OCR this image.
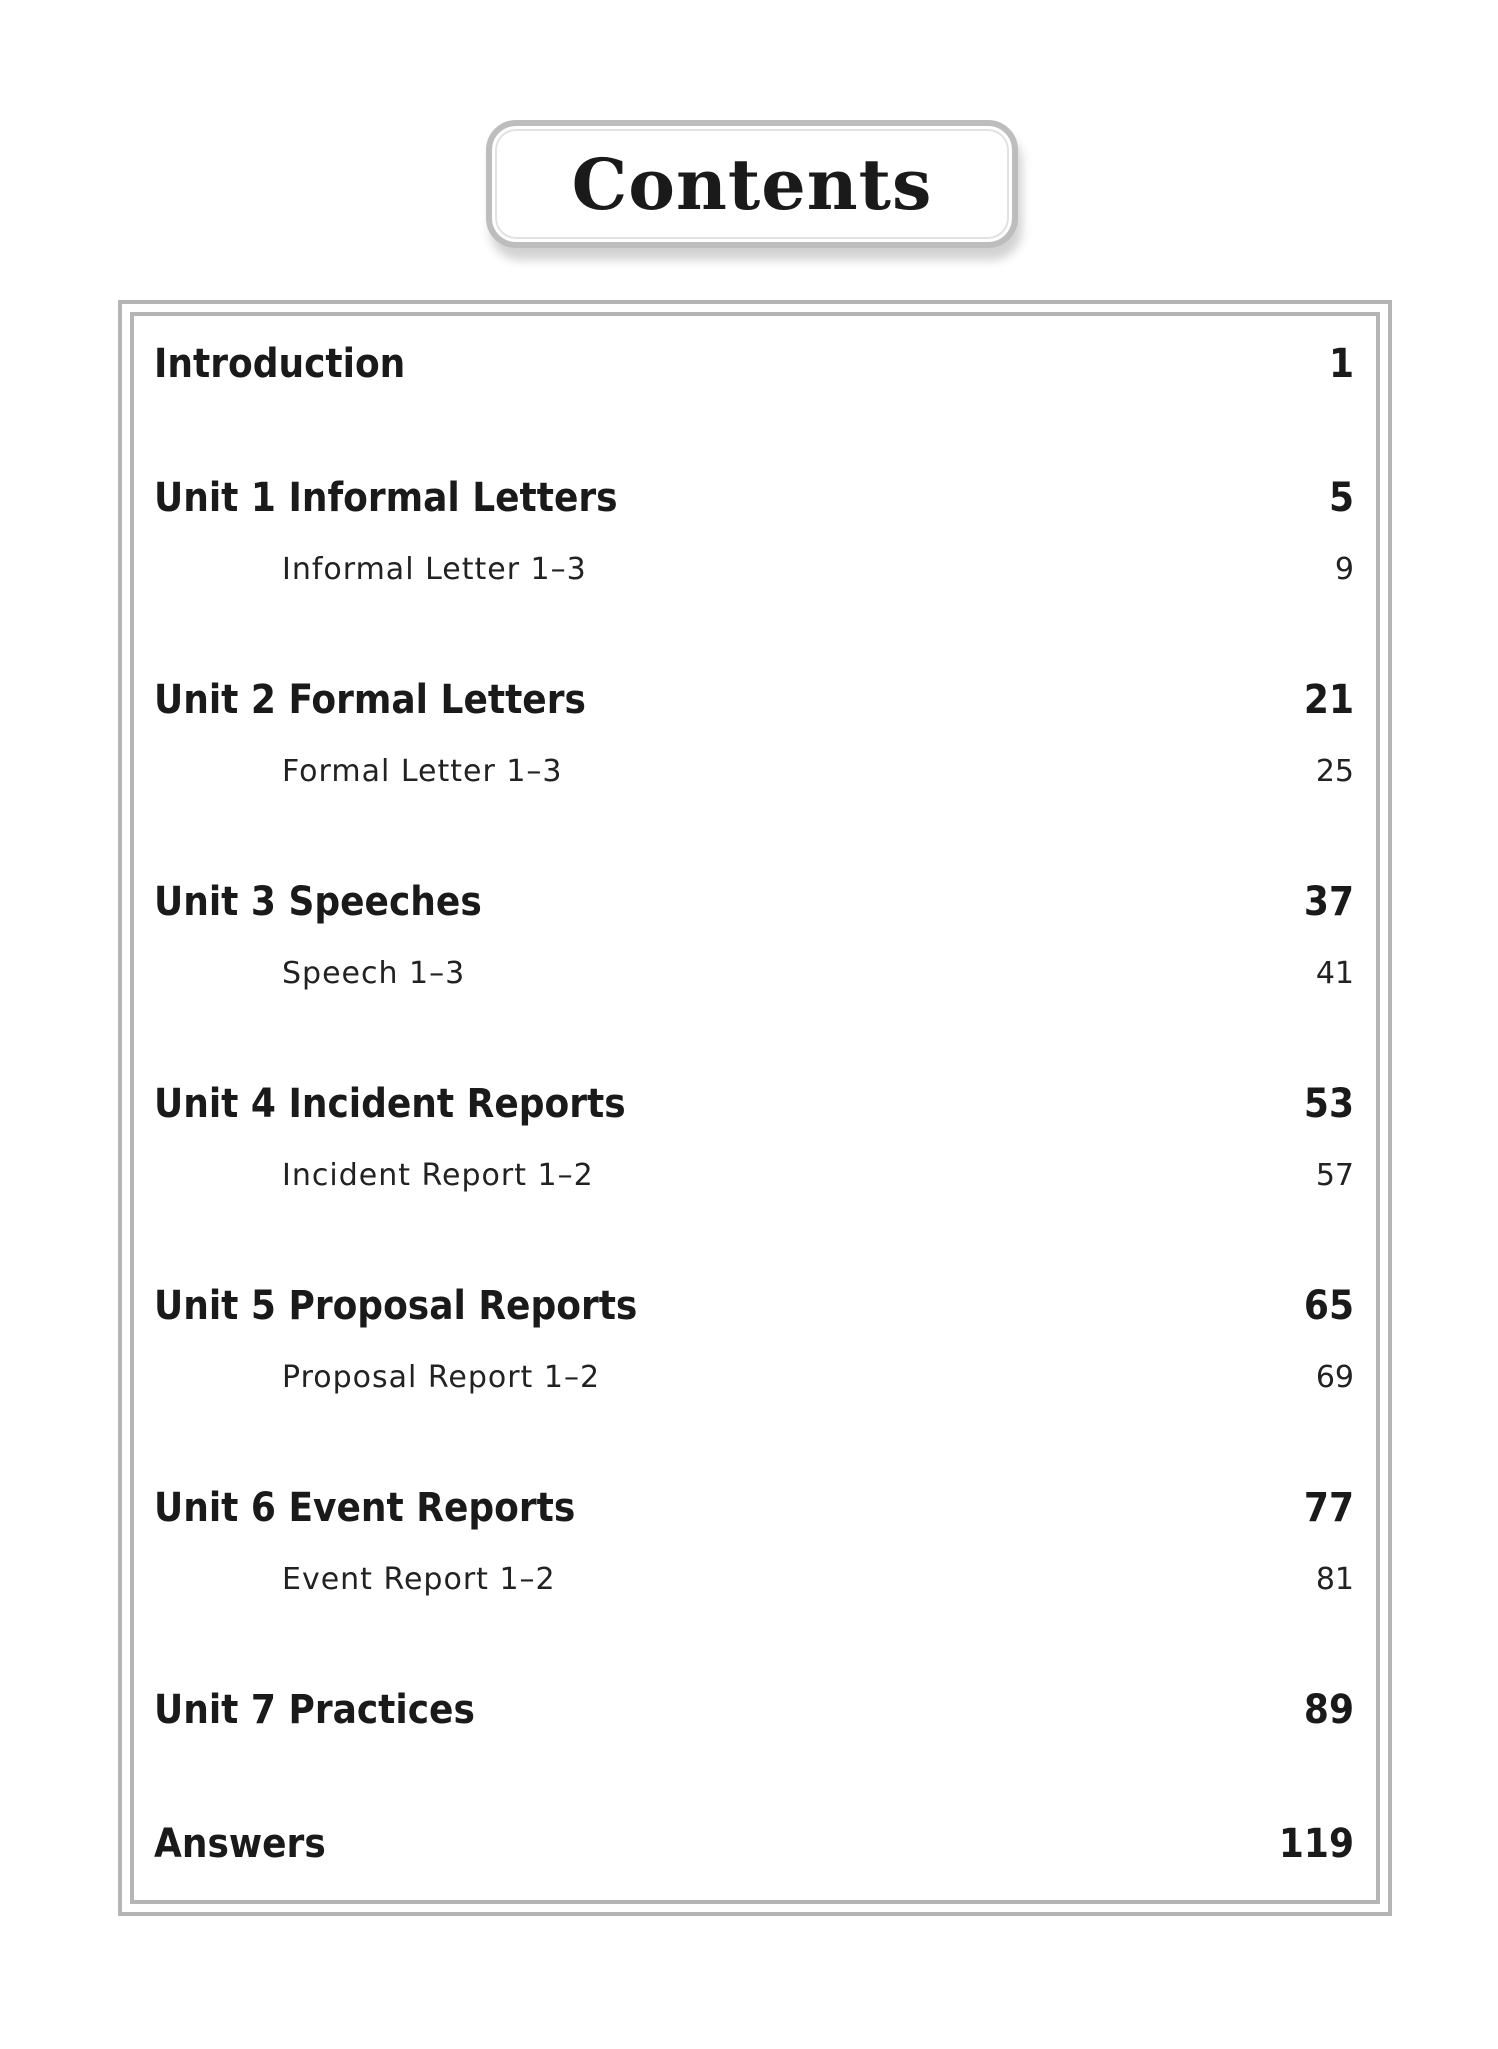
Contents
Introduction	1
Unit 1 Informal Letters	5
Informal Letter 1–3	9
Unit 2 Formal Letters	21
Formal Letter 1–3	25
Unit 3 Speeches	37
Speech 1–3	41
Unit 4 Incident Reports	53
Incident Report 1–2	57
Unit 5 Proposal Reports	65
Proposal Report 1–2	69
Unit 6 Event Reports	77
Event Report 1–2	81
Unit 7 Practices	89
Answers	119
